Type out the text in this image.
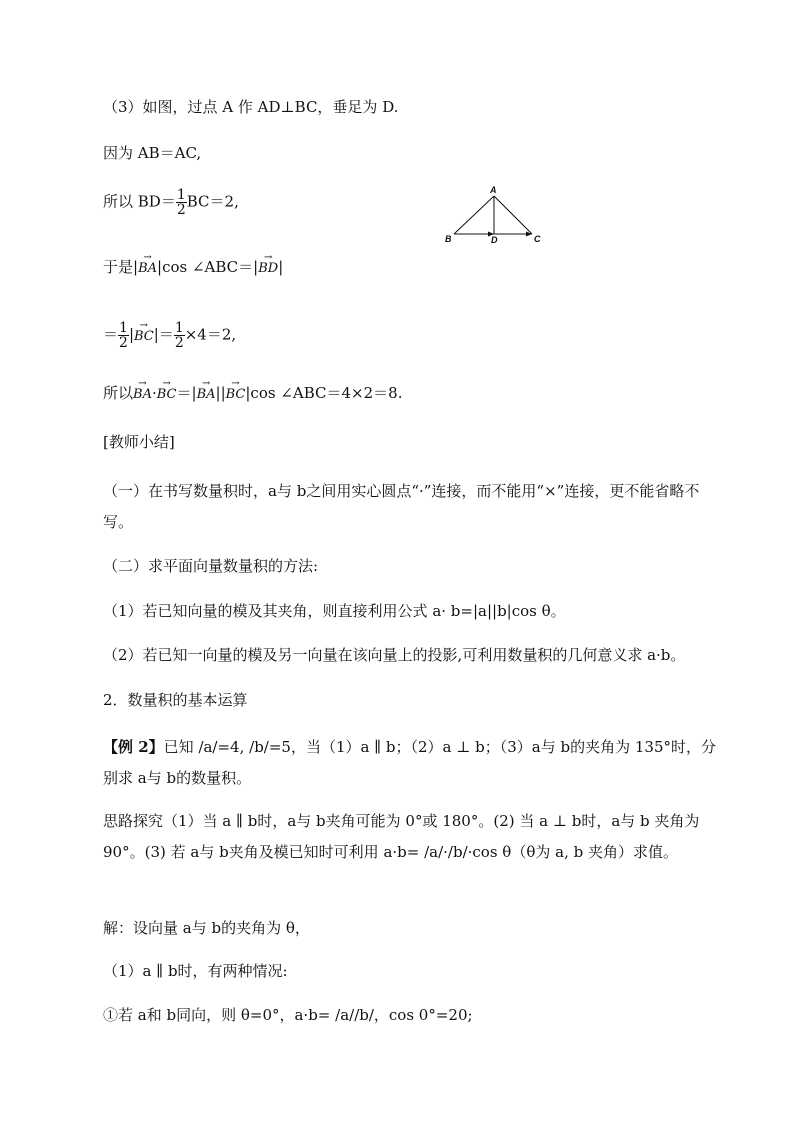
（3）如图，过点 A 作 AD⊥BC，垂足为 D.
因为 AB＝AC,
所以 $BD= \frac{1}{2} BC=2$,
A
B	D	C
于是|→ BA|cos ∠ABC＝|→ BD|
＝ $\frac{1}{2}$ |→ $BC|= \frac{1}{2} \times 4=2$,
所以→ BA·→ BC＝|→ BA||→ BC|cos ∠ABC＝4×2＝8.
[教师小结]
（一）在书写数量积时，a与 b之间用实心圆点“·”连接，而不能用“×”连接，更不能省略不写。
（二）求平面向量数量积的方法:
（1）若已知向量的模及其夹角，则直接利用公式 a· b=|a||b|cos θ。
（2）若已知一向量的模及另一向量在该向量上的投影,可利用数量积的几何意义求 a·b。
2．数量积的基本运算
【例 2】已知 /a/=4, /b/=5，当（1）a ∥ b；（2）a ⊥ b；（3）a与 b的夹角为 135°时，分别求 a与 b的数量积。
思路探究（1）当 a ∥ b时，a与 b夹角可能为 0°或 180°。(2) 当 a ⊥ b时，a与 b 夹角为 90°。(3) 若 a与 b夹角及模已知时可利用 a·b= /a/·/b/·cos θ（θ为 a, b 夹角）求值。
解：设向量 a与 b的夹角为 θ，
（1）a ∥ b时，有两种情况:
①若 a和 b同向，则 θ=0°，a·b= /a//b/，cos 0°=20;
